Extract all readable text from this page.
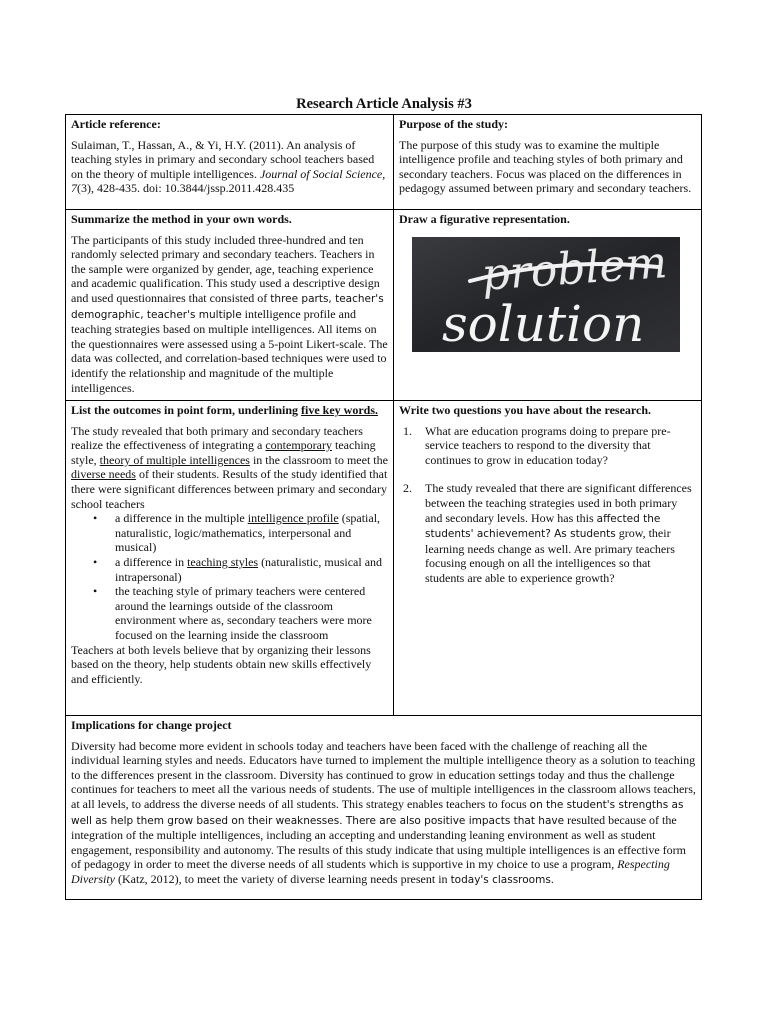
Research Article Analysis #3

Article reference:

Sulaiman, T., Hassan, A., & Yi, H.Y. (2011). An analysis of teaching styles in primary and secondary school teachers based on the theory of multiple intelligences. Journal of Social Science, 7(3), 428-435. doi: 10.3844/jssp.2011.428.435

Purpose of the study:

The purpose of this study was to examine the multiple intelligence profile and teaching styles of both primary and secondary teachers. Focus was placed on the differences in pedagogy assumed between primary and secondary teachers.

Summarize the method in your own words.

The participants of this study included three-hundred and ten randomly selected primary and secondary teachers. Teachers in the sample were organized by gender, age, teaching experience and academic qualification. This study used a descriptive design and used questionnaires that consisted of three parts, teacher's demographic, teacher's multiple intelligence profile and teaching strategies based on multiple intelligences. All items on the questionnaires were assessed using a 5-point Likert-scale. The data was collected, and correlation-based techniques were used to identify the relationship and magnitude of the multiple intelligences.

Draw a figurative representation.

problem
solution

List the outcomes in point form, underlining five key words.

The study revealed that both primary and secondary teachers realize the effectiveness of integrating a contemporary teaching style, theory of multiple intelligences in the classroom to meet the diverse needs of their students. Results of the study identified that there were significant differences between primary and secondary school teachers

• a difference in the multiple intelligence profile (spatial, naturalistic, logic/mathematics, interpersonal and musical)
• a difference in teaching styles (naturalistic, musical and intrapersonal)
• the teaching style of primary teachers were centered around the learnings outside of the classroom environment where as, secondary teachers were more focused on the learning inside the classroom

Teachers at both levels believe that by organizing their lessons based on the theory, help students obtain new skills effectively and efficiently.

Write two questions you have about the research.

1. What are education programs doing to prepare pre-service teachers to respond to the diversity that continues to grow in education today?
2. The study revealed that there are significant differences between the teaching strategies used in both primary and secondary levels. How has this affected the students' achievement? As students grow, their learning needs change as well. Are primary teachers focusing enough on all the intelligences so that students are able to experience growth?

Implications for change project

Diversity had become more evident in schools today and teachers have been faced with the challenge of reaching all the individual learning styles and needs. Educators have turned to implement the multiple intelligence theory as a solution to teaching to the differences present in the classroom. Diversity has continued to grow in education settings today and thus the challenge continues for teachers to meet all the various needs of students. The use of multiple intelligences in the classroom allows teachers, at all levels, to address the diverse needs of all students. This strategy enables teachers to focus on the student's strengths as well as help them grow based on their weaknesses. There are also positive impacts that have resulted because of the integration of the multiple intelligences, including an accepting and understanding leaning environment as well as student engagement, responsibility and autonomy. The results of this study indicate that using multiple intelligences is an effective form of pedagogy in order to meet the diverse needs of all students which is supportive in my choice to use a program, Respecting Diversity (Katz, 2012), to meet the variety of diverse learning needs present in today's classrooms.
